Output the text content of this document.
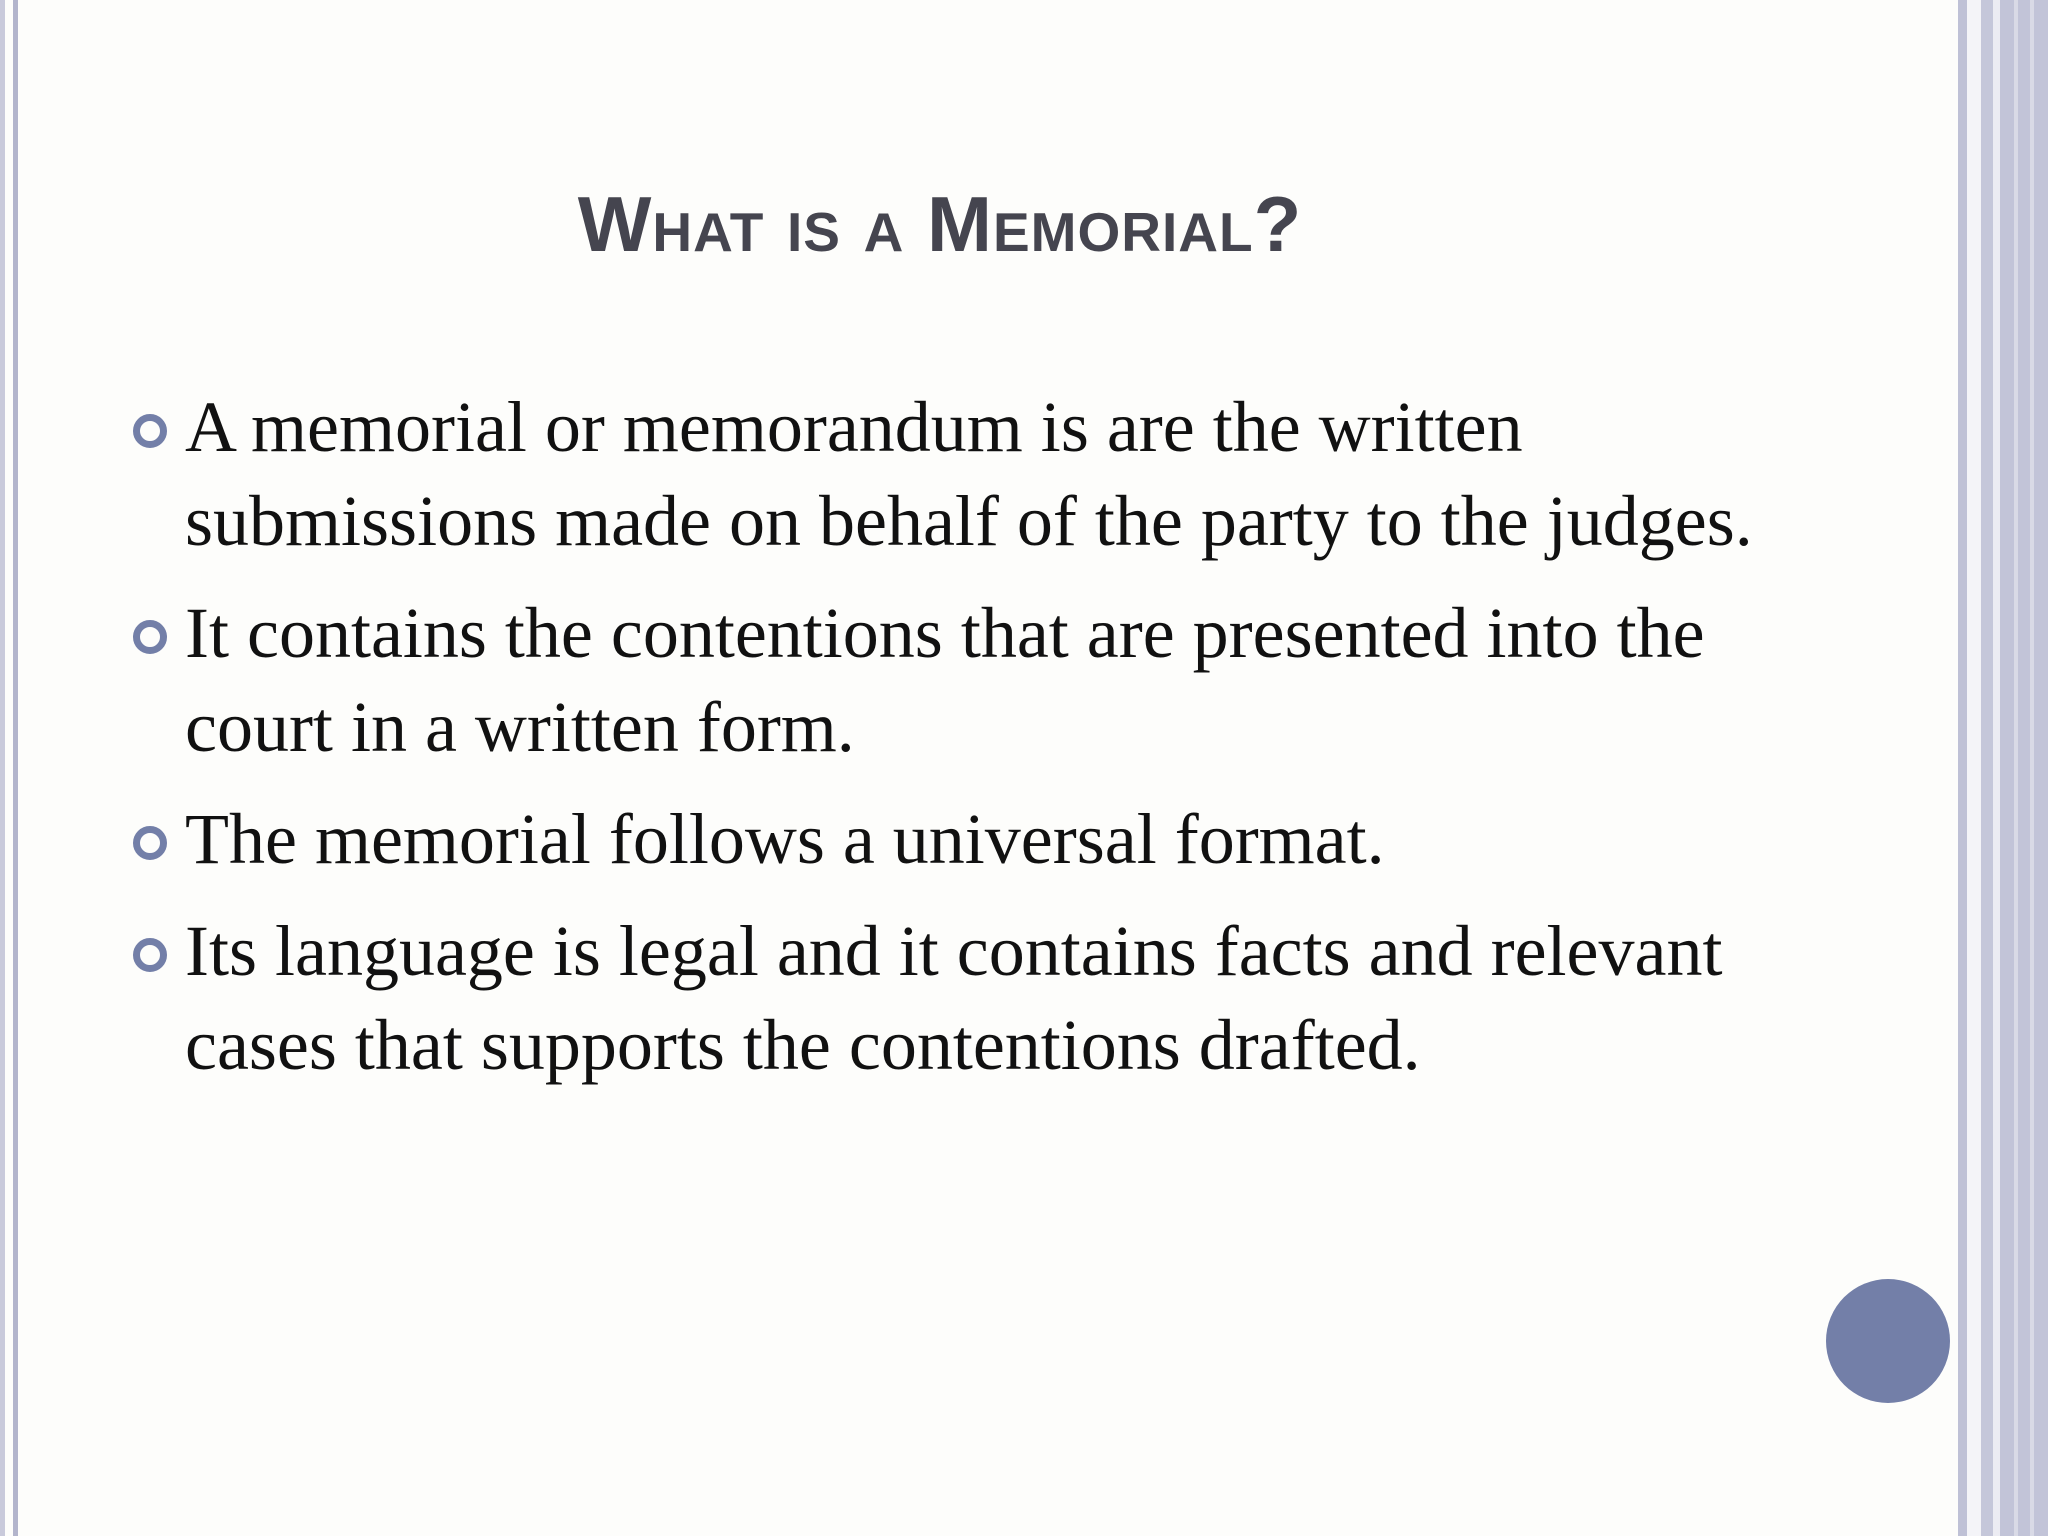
What is a Memorial?
A memorial or memorandum is are the written submissions made on behalf of the party to the judges.
It contains the contentions that are presented into the court in a written form.
The memorial follows a universal format.
Its language is legal and it contains facts and relevant cases that supports the contentions drafted.
